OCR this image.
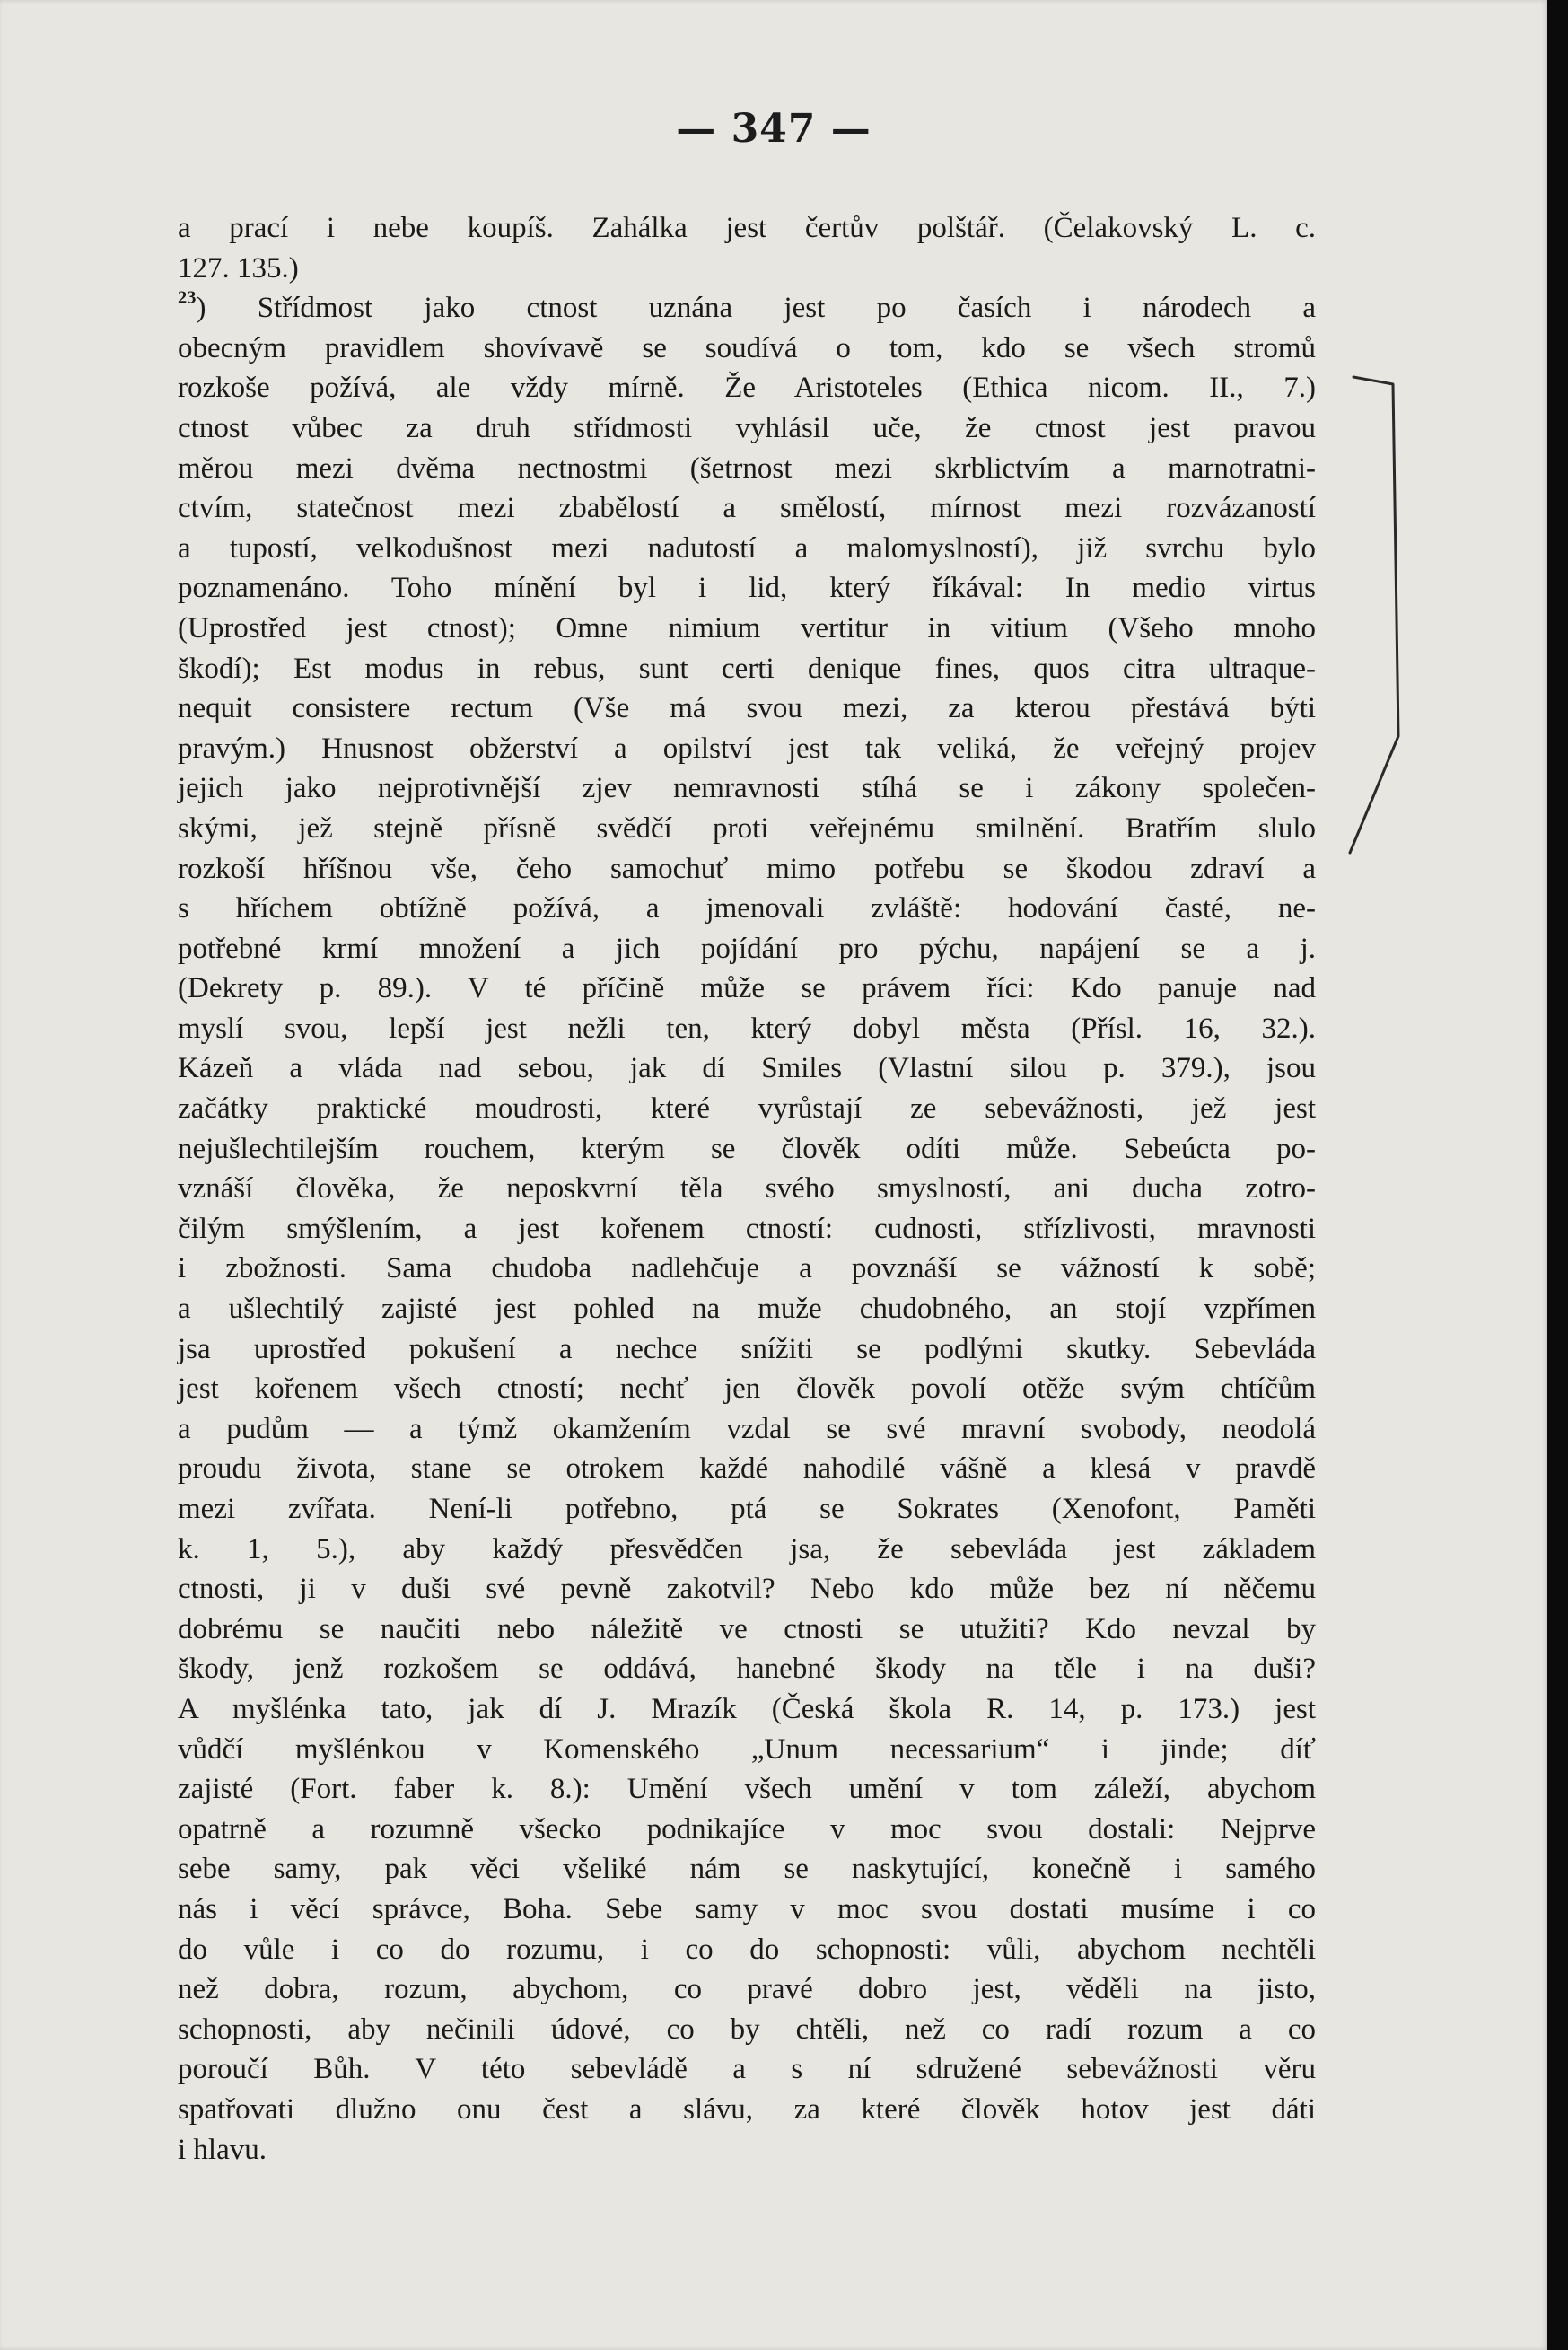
— 347 —
a prací i nebe koupíš. Zahálka jest čertův polštář. (Čelakovský L. c.
127. 135.)
$^{23}$) Střídmost jako ctnost uznána jest po časích i národech a
obecným pravidlem shovívavě se soudívá o tom, kdo se všech stromů
rozkoše požívá, ale vždy mírně. Že Aristoteles (Ethica nicom. II., 7.)
ctnost vůbec za druh střídmosti vyhlásil uče, že ctnost jest pravou
měrou mezi dvěma nectnostmi (šetrnost mezi skrblictvím a marnotratni-
ctvím, statečnost mezi zbabělostí a smělostí, mírnost mezi rozvázaností
a tupostí, velkodušnost mezi nadutostí a malomyslností), již svrchu bylo
poznamenáno. Toho mínění byl i lid, který říkával: In medio virtus
(Uprostřed jest ctnost); Omne nimium vertitur in vitium (Všeho mnoho
škodí); Est modus in rebus, sunt certi denique fines, quos citra ultraque-
nequit consistere rectum (Vše má svou mezi, za kterou přestává býti
pravým.) Hnusnost obžerství a opilství jest tak veliká, že veřejný projev
jejich jako nejprotivnější zjev nemravnosti stíhá se i zákony společen-
skými, jež stejně přísně svědčí proti veřejnému smilnění. Bratřím slulo
rozkoší hříšnou vše, čeho samochuť mimo potřebu se škodou zdraví a
s hříchem obtížně požívá, a jmenovali zvláště: hodování časté, ne-
potřebné krmí množení a jich pojídání pro pýchu, napájení se a j.
(Dekrety p. 89.). V té příčině může se právem říci: Kdo panuje nad
myslí svou, lepší jest nežli ten, který dobyl města (Přísl. 16, 32.).
Kázeň a vláda nad sebou, jak dí Smiles (Vlastní silou p. 379.), jsou
začátky praktické moudrosti, které vyrůstají ze sebevážnosti, jež jest
nejušlechtilejším rouchem, kterým se člověk odíti může. Sebeúcta po-
vznáší člověka, že neposkvrní těla svého smyslností, ani ducha zotro-
čilým smýšlením, a jest kořenem ctností: cudnosti, střízlivosti, mravnosti
i zbožnosti. Sama chudoba nadlehčuje a povznáší se vážností k sobě;
a ušlechtilý zajisté jest pohled na muže chudobného, an stojí vzpřímen
jsa uprostřed pokušení a nechce snížiti se podlými skutky. Sebevláda
jest kořenem všech ctností; nechť jen člověk povolí otěže svým chtíčům
a pudům — a týmž okamžením vzdal se své mravní svobody, neodolá
proudu života, stane se otrokem každé nahodilé vášně a klesá v pravdě
mezi zvířata. Není-li potřebno, ptá se Sokrates (Xenofont, Paměti
k. 1, 5.), aby každý přesvědčen jsa, že sebevláda jest základem
ctnosti, ji v duši své pevně zakotvil? Nebo kdo může bez ní něčemu
dobrému se naučiti nebo náležitě ve ctnosti se utužiti? Kdo nevzal by
škody, jenž rozkošem se oddává, hanebné škody na těle i na duši?
A myšlénka tato, jak dí J. Mrazík (Česká škola R. 14, p. 173.) jest
vůdčí myšlénkou v Komenského „Unum necessarium“ i jinde; díť
zajisté (Fort. faber k. 8.): Umění všech umění v tom záleží, abychom
opatrně a rozumně všecko podnikajíce v moc svou dostali: Nejprve
sebe samy, pak věci všeliké nám se naskytující, konečně i samého
nás i věcí správce, Boha. Sebe samy v moc svou dostati musíme i co
do vůle i co do rozumu, i co do schopnosti: vůli, abychom nechtěli
než dobra, rozum, abychom, co pravé dobro jest, věděli na jisto,
schopnosti, aby nečinili údové, co by chtěli, než co radí rozum a co
poroučí Bůh. V této sebevládě a s ní sdružené sebevážnosti věru
spatřovati dlužno onu čest a slávu, za které člověk hotov jest dáti
i hlavu.
